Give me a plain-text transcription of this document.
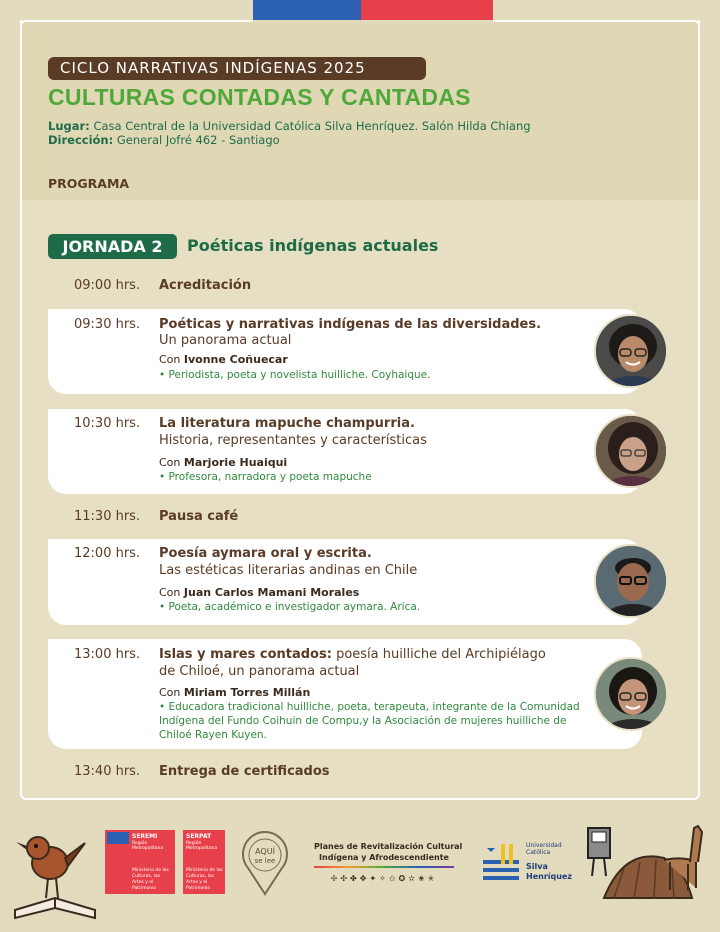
CICLO NARRATIVAS INDÍGENAS 2025
CULTURAS CONTADAS Y CANTADAS
Lugar: Casa Central de la Universidad Católica Silva Henríquez. Salón Hilda Chiang
Dirección: General Jofré 462 - Santiago
PROGRAMA
JORNADA 2	Poéticas indígenas actuales
09:00 hrs. Acreditación
09:30 hrs. Poéticas y narrativas indígenas de las diversidades.
Un panorama actual
Con Ivonne Coñuecar
• Periodista, poeta y novelista huilliche. Coyhaique.
10:30 hrs. La literatura mapuche champurria.
Historia, representantes y características
Con Marjorie Huaiqui
• Profesora, narradora y poeta mapuche
11:30 hrs. Pausa café
12:00 hrs. Poesía aymara oral y escrita.
Las estéticas literarias andinas en Chile
Con Juan Carlos Mamani Morales
• Poeta, académico e investigador aymara. Arica.
13:00 hrs. Islas y mares contados: poesía huilliche del Archipiélago
de Chiloé, un panorama actual
Con Miriam Torres Millán
• Educadora tradicional huilliche, poeta, terapeuta, integrante de la Comunidad
Indígena del Fundo Coihuin de Compu,y la Asociación de mujeres huilliche de
Chiloé Rayen Kuyen.
13:40 hrs. Entrega de certificados
SEREMI
Región Metropolitana
Ministerio de las Culturas, las Artes y el Patrimonio
SERPAT
Región Metropolitana
Ministerio de las Culturas, las Artes y el Patrimonio
AQUÍ
se lee
Planes de Revitalización Cultural
Indígena y Afrodescendiente
✢✣✤✥✦✧✩✪✫✬✭
Universidad
Católica
Silva
Henríquez
